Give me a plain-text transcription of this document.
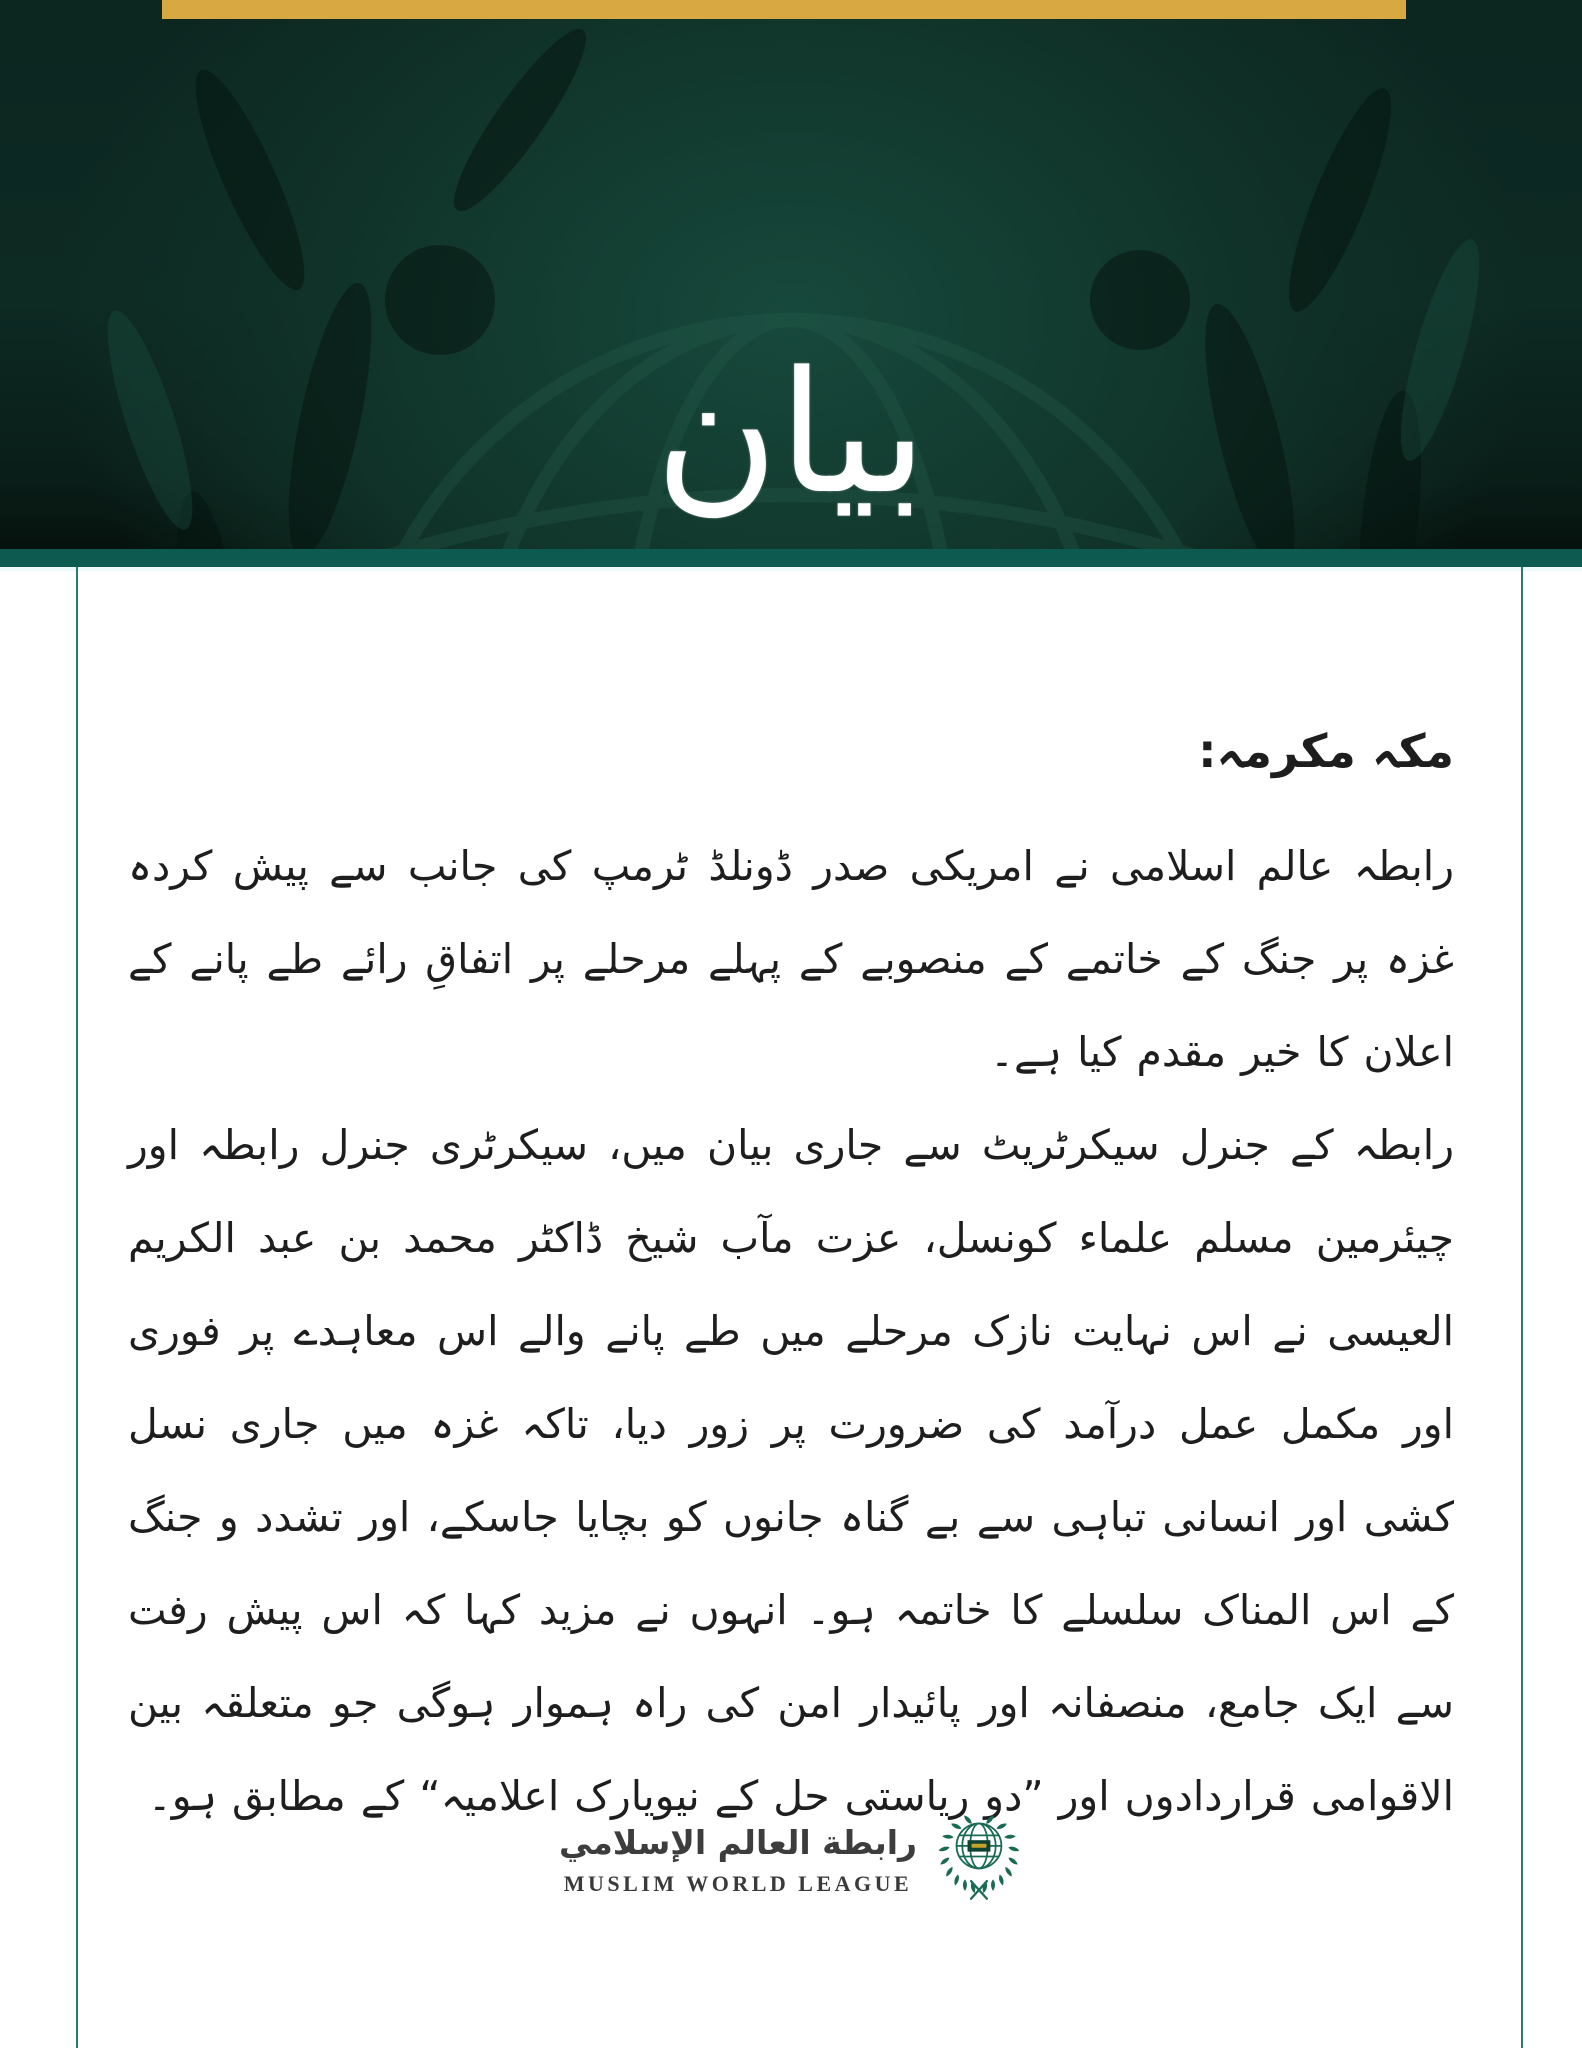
بيان
مکہ مکرمہ:

رابطہ عالم اسلامی نے امریکی صدر ڈونلڈ ٹرمپ کی جانب سے پیش کردہ غزہ پر جنگ کے خاتمے کے منصوبے کے پہلے مرحلے پر اتفاقِ رائے طے پانے کے اعلان کا خیر مقدم کیا ہے۔

رابطہ کے جنرل سیکرٹریٹ سے جاری بیان میں، سیکرٹری جنرل رابطہ اور چیئرمین مسلم علماء کونسل، عزت مآب شیخ ڈاکٹر محمد بن عبد الکریم العیسی نے اس نہایت نازک مرحلے میں طے پانے والے اس معاہدے پر فوری اور مکمل عمل درآمد کی ضرورت پر زور دیا، تاکہ غزہ میں جاری نسل کشی اور انسانی تباہی سے بے گناہ جانوں کو بچایا جاسکے، اور تشدد و جنگ کے اس المناک سلسلے کا خاتمہ ہو۔ انہوں نے مزید کہا کہ اس پیش رفت سے ایک جامع، منصفانہ اور پائیدار امن کی راہ ہموار ہوگی جو متعلقہ بین الاقوامی قراردادوں اور ”دو ریاستی حل کے نیویارک اعلامیہ“ کے مطابق ہو۔

رابطة العالم الإسلامي
MUSLIM WORLD LEAGUE
